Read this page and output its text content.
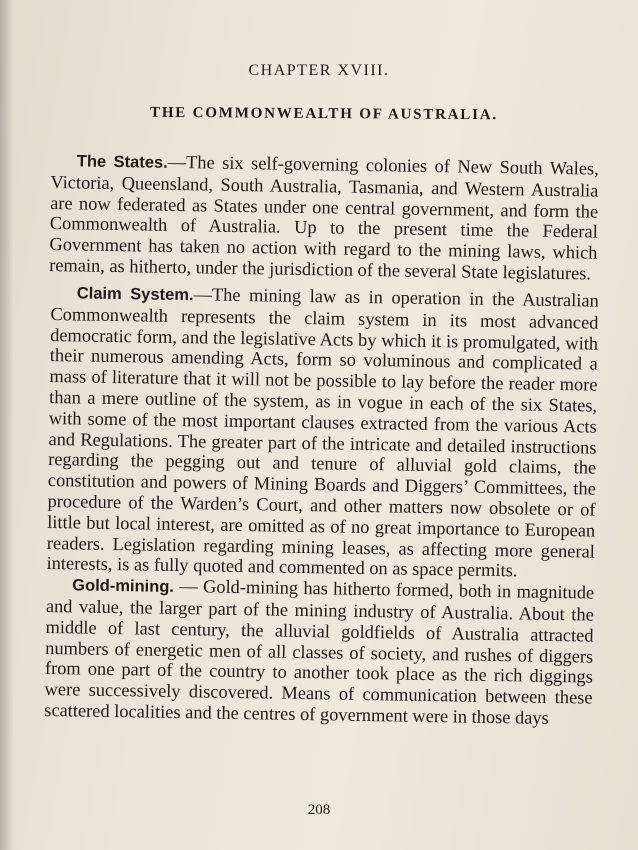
CHAPTER XVIII.
THE COMMONWEALTH OF AUSTRALIA.

The States.—The six self-governing colonies of New South Wales, Victoria, Queensland, South Australia, Tasmania, and Western Australia are now federated as States under one central government, and form the Commonwealth of Australia. Up to the present time the Federal Government has taken no action with regard to the mining laws, which remain, as hitherto, under the jurisdiction of the several State legislatures.

Claim System.—The mining law as in operation in the Australian Commonwealth represents the claim system in its most advanced democratic form, and the legislative Acts by which it is promulgated, with their numerous amending Acts, form so voluminous and complicated a mass of literature that it will not be possible to lay before the reader more than a mere outline of the system, as in vogue in each of the six States, with some of the most important clauses extracted from the various Acts and Regulations. The greater part of the intricate and detailed instructions regarding the pegging out and tenure of alluvial gold claims, the constitution and powers of Mining Boards and Diggers’ Committees, the procedure of the Warden’s Court, and other matters now obsolete or of little but local interest, are omitted as of no great importance to European readers. Legislation regarding mining leases, as affecting more general interests, is as fully quoted and commented on as space permits.

Gold-mining. — Gold-mining has hitherto formed, both in magnitude and value, the larger part of the mining industry of Australia. About the middle of last century, the alluvial goldfields of Australia attracted numbers of energetic men of all classes of society, and rushes of diggers from one part of the country to another took place as the rich diggings were successively discovered. Means of communication between these scattered localities and the centres of government were in those days

208
